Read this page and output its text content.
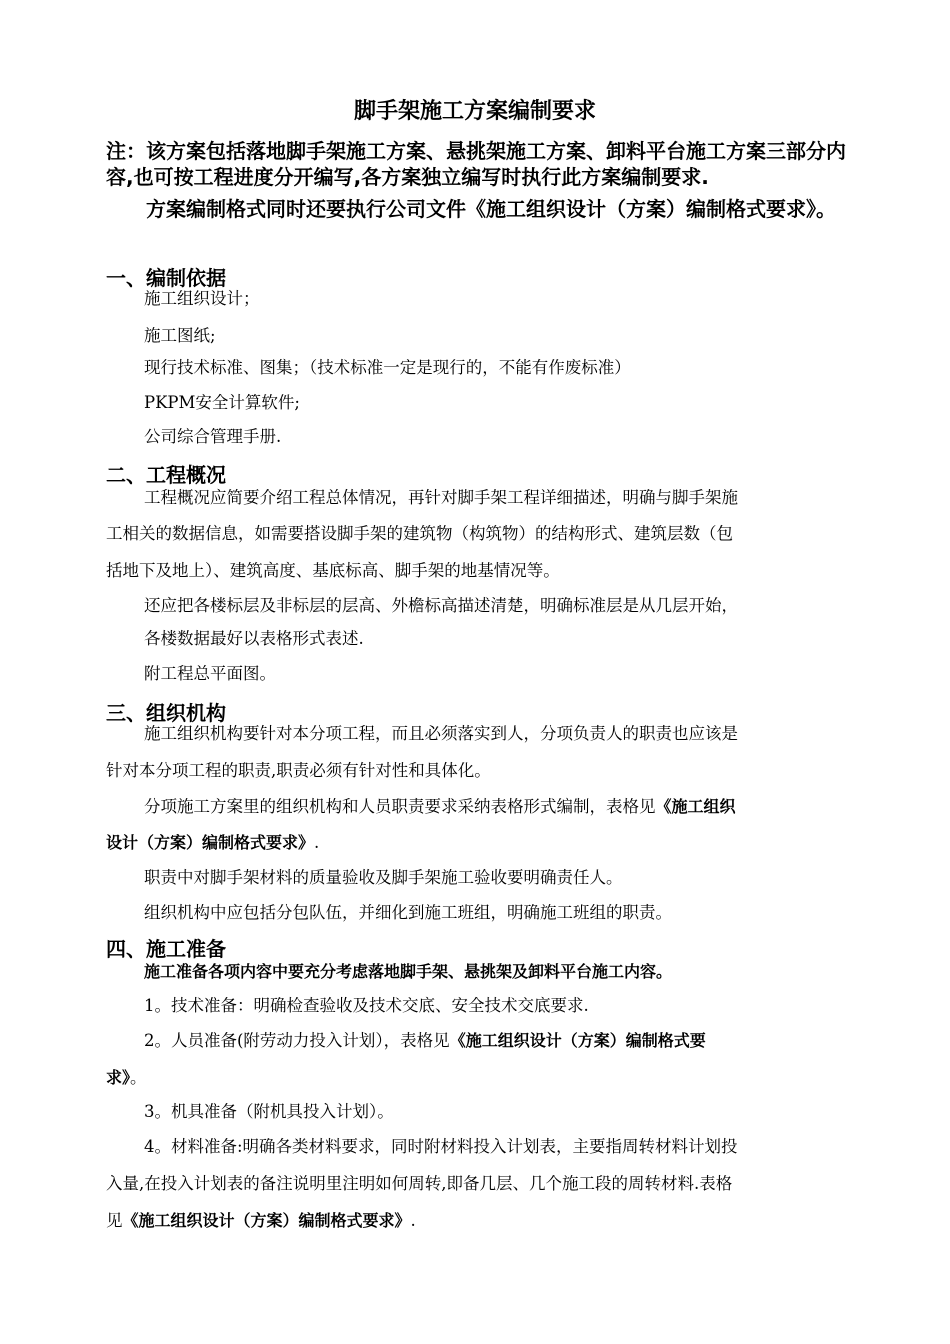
脚手架施工方案编制要求

注：该方案包括落地脚手架施工方案、悬挑架施工方案、卸料平台施工方案三部分内容,也可按工程进度分开编写,各方案独立编写时执行此方案编制要求.

方案编制格式同时还要执行公司文件《施工组织设计（方案）编制格式要求》。

一、编制依据
施工组织设计；
施工图纸;
现行技术标准、图集；（技术标准一定是现行的，不能有作废标准）
PKPM安全计算软件;
公司综合管理手册.
二、工程概况
工程概况应简要介绍工程总体情况，再针对脚手架工程详细描述，明确与脚手架施
工相关的数据信息，如需要搭设脚手架的建筑物（构筑物）的结构形式、建筑层数（包
括地下及地上）、建筑高度、基底标高、脚手架的地基情况等。
还应把各楼标层及非标层的层高、外檐标高描述清楚，明确标准层是从几层开始，
各楼数据最好以表格形式表述.
附工程总平面图。
三、组织机构
施工组织机构要针对本分项工程，而且必须落实到人，分项负责人的职责也应该是
针对本分项工程的职责,职责必须有针对性和具体化。
分项施工方案里的组织机构和人员职责要求采纳表格形式编制，表格见《施工组织
设计（方案）编制格式要求》.
职责中对脚手架材料的质量验收及脚手架施工验收要明确责任人。
组织机构中应包括分包队伍，并细化到施工班组，明确施工班组的职责。
四、施工准备
施工准备各项内容中要充分考虑落地脚手架、悬挑架及卸料平台施工内容。
1。技术准备：明确检查验收及技术交底、安全技术交底要求.
2。人员准备(附劳动力投入计划），表格见《施工组织设计（方案）编制格式要
求》。
3。机具准备（附机具投入计划）。
4。材料准备:明确各类材料要求，同时附材料投入计划表，主要指周转材料计划投
入量,在投入计划表的备注说明里注明如何周转,即备几层、几个施工段的周转材料.表格
见《施工组织设计（方案）编制格式要求》.
